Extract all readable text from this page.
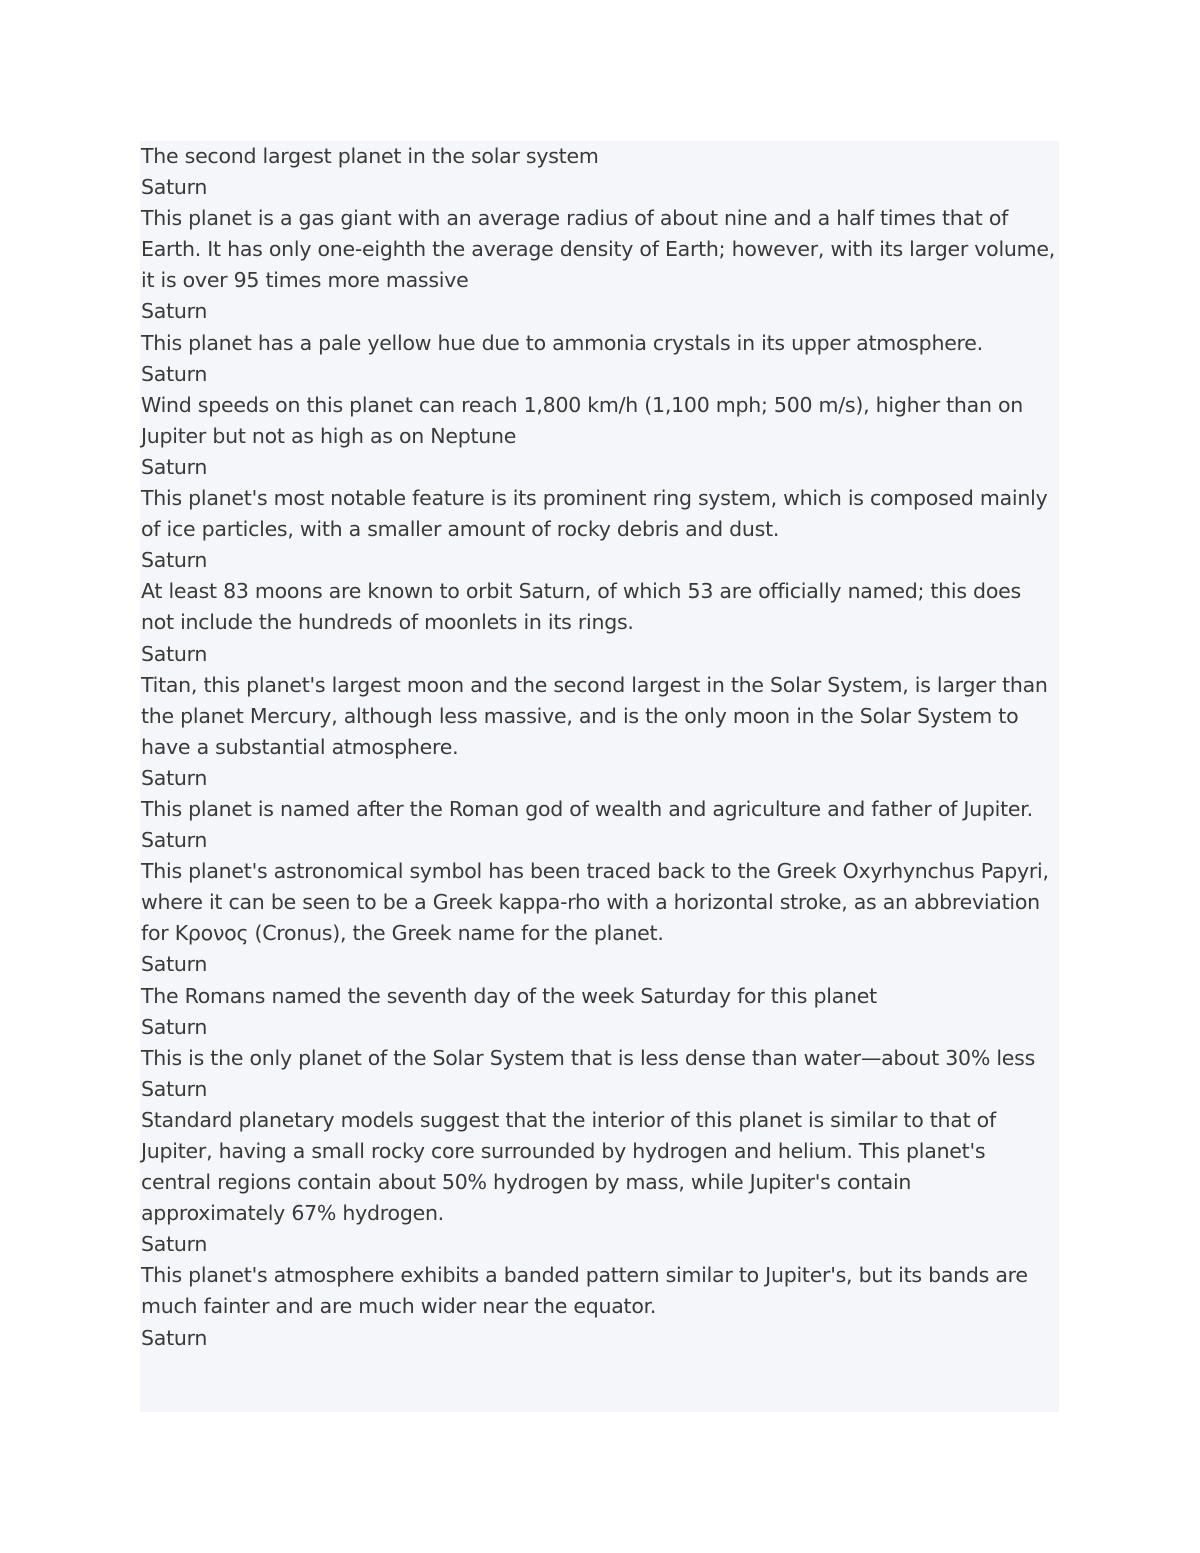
The second largest planet in the solar system

Saturn

This planet is a gas giant with an average radius of about nine and a half times that of Earth. It has only one-eighth the average density of Earth; however, with its larger volume, it is over 95 times more massive

Saturn

This planet has a pale yellow hue due to ammonia crystals in its upper atmosphere.

Saturn

Wind speeds on this planet can reach 1,800 km/h (1,100 mph; 500 m/s), higher than on Jupiter but not as high as on Neptune

Saturn

This planet's most notable feature is its prominent ring system, which is composed mainly of ice particles, with a smaller amount of rocky debris and dust.

Saturn

At least 83 moons are known to orbit Saturn, of which 53 are officially named; this does not include the hundreds of moonlets in its rings.

Saturn

Titan, this planet's largest moon and the second largest in the Solar System, is larger than the planet Mercury, although less massive, and is the only moon in the Solar System to have a substantial atmosphere.

Saturn

This planet is named after the Roman god of wealth and agriculture and father of Jupiter.

Saturn

This planet's astronomical symbol has been traced back to the Greek Oxyrhynchus Papyri, where it can be seen to be a Greek kappa-rho with a horizontal stroke, as an abbreviation for Κρονος (Cronus), the Greek name for the planet.

Saturn

The Romans named the seventh day of the week Saturday for this planet

Saturn

This is the only planet of the Solar System that is less dense than water—about 30% less

Saturn

Standard planetary models suggest that the interior of this planet is similar to that of Jupiter, having a small rocky core surrounded by hydrogen and helium. This planet's central regions contain about 50% hydrogen by mass, while Jupiter's contain approximately 67% hydrogen.

Saturn

This planet's atmosphere exhibits a banded pattern similar to Jupiter's, but its bands are much fainter and are much wider near the equator.

Saturn
